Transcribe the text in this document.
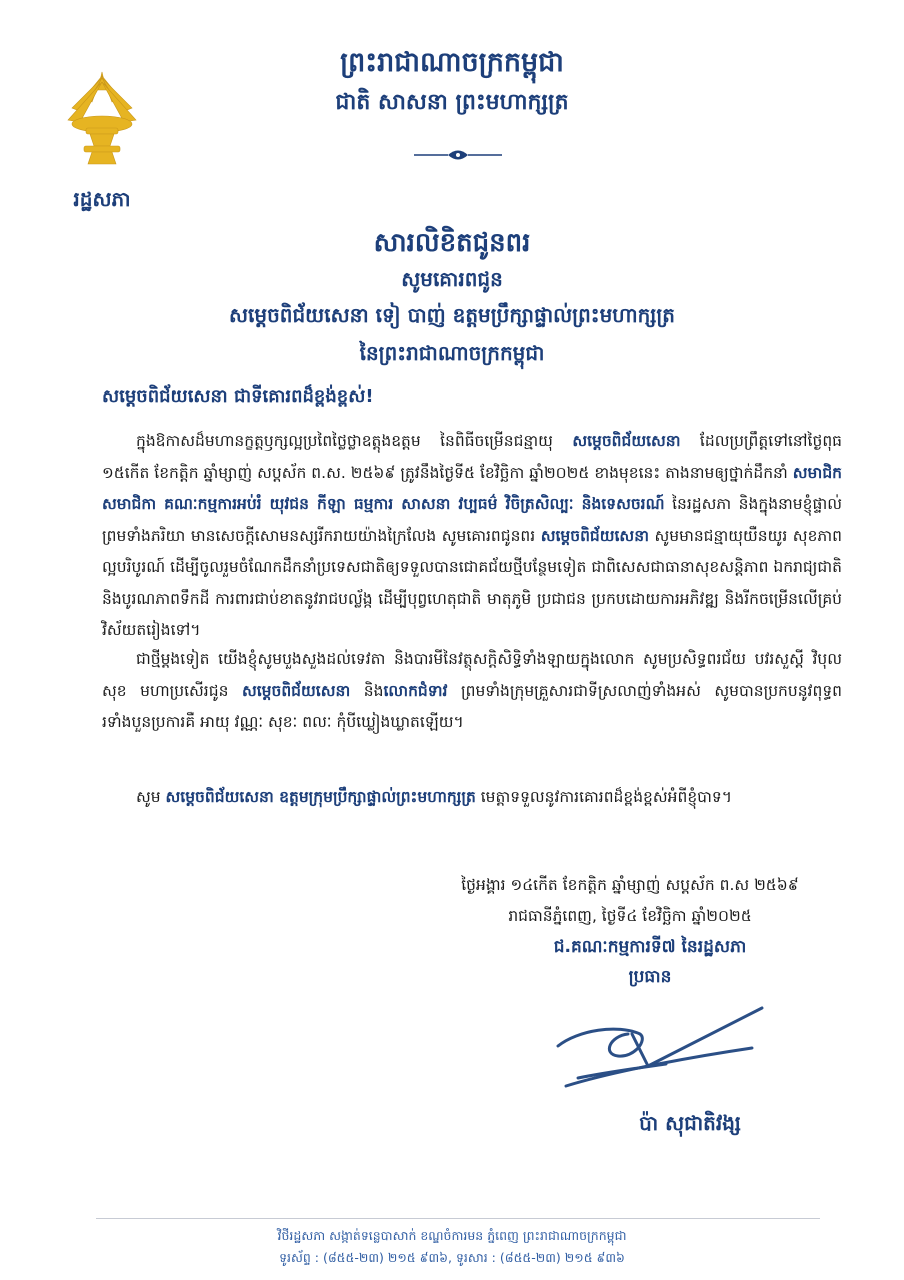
រដ្ឋសភា
ព្រះរាជាណាចក្រកម្ពុជា
ជាតិ សាសនា ព្រះមហាក្សត្រ
សារលិខិតជូនពរ
សូមគោរពជូន
សម្តេចពិជ័យសេនា ទៀ បាញ់ ឧត្តមប្រឹក្សាផ្ទាល់ព្រះមហាក្សត្រ
នៃព្រះរាជាណាចក្រកម្ពុជា
សម្តេចពិជ័យសេនា ជាទីគោរពដ៏ខ្ពង់ខ្ពស់!
ក្នុងឱកាសដ៏មហានក្ខត្តឫក្សល្អប្រពៃថ្លៃថ្លាឧត្តុងឧត្តម នៃពិធីចម្រើនជន្មាយុ សម្តេចពិជ័យសេនា ដែលប្រព្រឹត្តទៅនៅថ្ងៃពុធ ១៥កើត ខែកត្តិក ឆ្នាំម្សាញ់ សប្តស័ក ព.ស. ២៥៦៩ ត្រូវនឹងថ្ងៃទី៥ ខែវិច្ឆិកា ឆ្នាំ២០២៥ ខាងមុខនេះ តាងនាមឲ្យថ្នាក់ដឹកនាំ សមាជិក សមាជិកា គណៈកម្មការអប់រំ យុវជន កីឡា ធម្មការ សាសនា វប្បធម៌ វិចិត្រសិល្បៈ និងទេសចរណ៍ នៃរដ្ឋសភា និងក្នុងនាមខ្ញុំផ្ទាល់ ព្រមទាំងភរិយា មានសេចក្តីសោមនស្សរីករាយយ៉ាងក្រៃលែង សូមគោរពជូនពរ សម្តេចពិជ័យសេនា សូមមានជន្មាយុយឺនយូរ សុខភាពល្អបរិបូរណ៍ ដើម្បីចូលរួមចំណែកដឹកនាំប្រទេសជាតិឲ្យទទួលបានជោគជ័យថ្មីបន្ថែមទៀត ជាពិសេសជាធានាសុខសន្តិភាព ឯករាជ្យជាតិ និងបូរណភាពទឹកដី ការពារជាប់ខាតនូវរាជបល្ល័ង្ក ដើម្បីបុព្វហេតុជាតិ មាតុភូមិ ប្រជាជន ប្រកបដោយការអភិវឌ្ឍ និងរីកចម្រើនលើគ្រប់វិស័យតរៀងទៅ។
ជាថ្មីម្តងទៀត យើងខ្ញុំសូមបួងសួងដល់ទេវតា និងបារមីនៃវត្ថុសក្តិសិទ្ធិទាំងឡាយក្នុងលោក សូមប្រសិទ្ធពរជ័យ បវរសួស្តី វិបុលសុខ មហាប្រសើរជូន សម្តេចពិជ័យសេនា និងលោកជំទាវ ព្រមទាំងក្រុមគ្រួសារជាទីស្រលាញ់ទាំងអស់ សូមបានប្រកបនូវពុទ្ធពរទាំងបួនប្រការគឺ អាយុ វណ្ណៈ សុខៈ ពលៈ កុំបីឃ្លៀងឃ្លាតឡើយ។
សូម សម្តេចពិជ័យសេនា ឧត្តមក្រុមប្រឹក្សាផ្ទាល់ព្រះមហាក្សត្រ មេត្តាទទួលនូវការគោរពដ៏ខ្ពង់ខ្ពស់អំពីខ្ញុំបាទ។
ថ្ងៃអង្គារ ១៤កើត ខែកត្តិក ឆ្នាំម្សាញ់ សប្តស័ក ព.ស ២៥៦៩
រាជធានីភ្នំពេញ, ថ្ងៃទី៤ ខែវិច្ឆិកា ឆ្នាំ២០២៥
ជ.គណៈកម្មការទី៧ នៃរដ្ឋសភា
ប្រធាន
ប៉ា សុជាតិវង្ស
វិថីរដ្ឋសភា សង្កាត់ទន្លេបាសាក់ ខណ្ឌចំការមន ភ្នំពេញ ព្រះរាជាណាចក្រកម្ពុជា
ទូរស័ព្ទ : (៨៥៥-២៣) ២១៥ ៩៣៦, ទូរសារ : (៨៥៥-២៣) ២១៥ ៩៣៦
